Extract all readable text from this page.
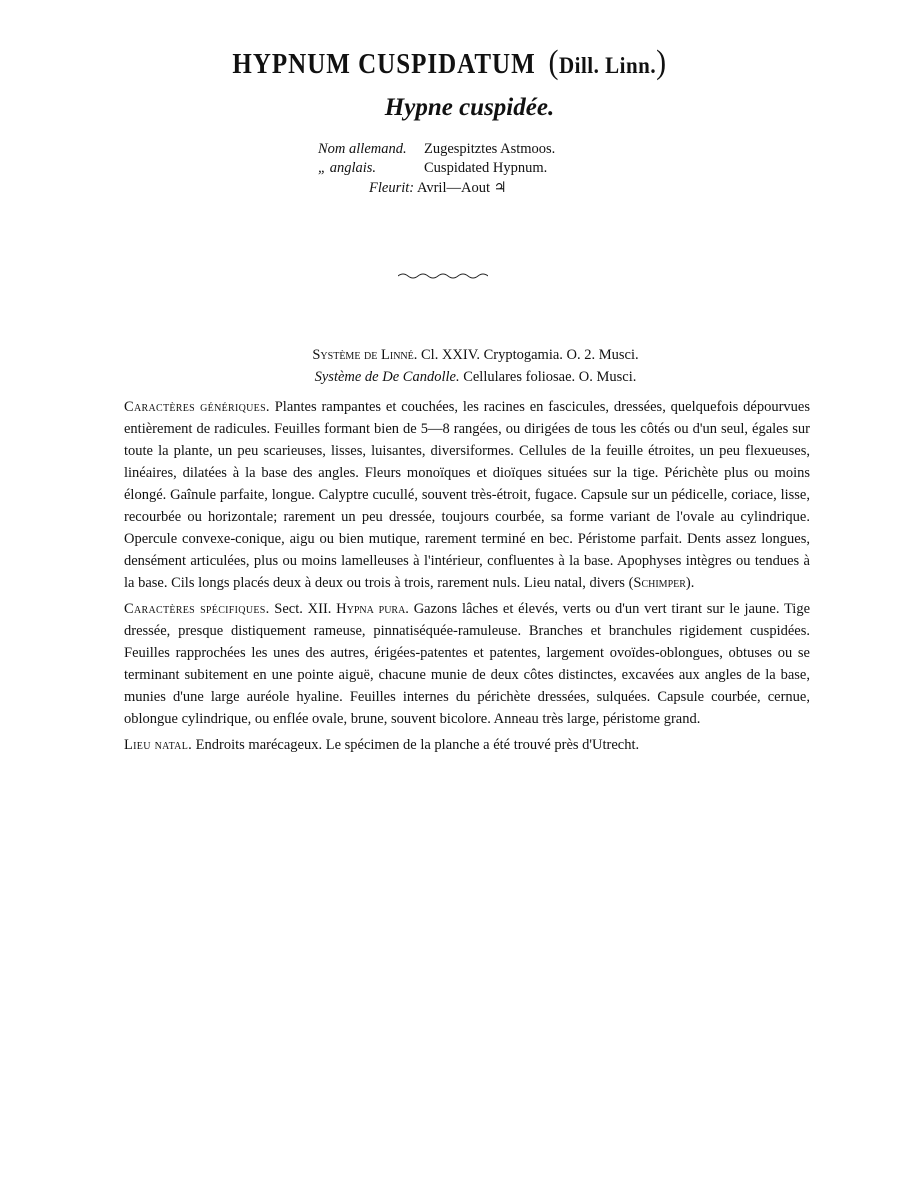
HYPNUM CUSPIDATUM (Dill. Linn.)
Hypne cuspidée.
Nom allemand. Zugespitztes Astmoos.
„ anglais.	Cuspidated Hypnum.
Fleurit: Avril—Aout ♃
Système de Linné. Cl. XXIV. Cryptogamia. O. 2. Musci.
Système de De Candolle. Cellulares foliosae. O. Musci.

Caractères génériques. Plantes rampantes et couchées, les racines en fascicules, dressées, quelquefois dépourvues entièrement de radicules. Feuilles formant bien de 5—8 rangées, ou dirigées de tous les côtés ou d'un seul, égales sur toute la plante, un peu scarieuses, lisses, luisantes, diversiformes. Cellules de la feuille étroites, un peu flexueuses, linéaires, dilatées à la base des angles. Fleurs monoïques et dioïques situées sur la tige. Périchète plus ou moins élongé. Gaînule parfaite, longue. Calyptre cucullé, souvent très-étroit, fugace. Capsule sur un pédicelle, coriace, lisse, recourbée ou horizontale; rarement un peu dressée, toujours courbée, sa forme variant de l'ovale au cylindrique. Opercule convexe-conique, aigu ou bien mutique, rarement terminé en bec. Péristome parfait. Dents assez longues, densément articulées, plus ou moins lamelleuses à l'intérieur, confluentes à la base. Apophyses intègres ou tendues à la base. Cils longs placés deux à deux ou trois à trois, rarement nuls. Lieu natal, divers (Schimper).

Caractères spécifiques. Sect. XII. Hypna pura. Gazons lâches et élevés, verts ou d'un vert tirant sur le jaune. Tige dressée, presque distiquement rameuse, pinnatiséquée-ramuleuse. Branches et branchules rigidement cuspidées. Feuilles rapprochées les unes des autres, érigées-patentes et patentes, largement ovoïdes-oblongues, obtuses ou se terminant subitement en une pointe aiguë, chacune munie de deux côtes distinctes, excavées aux angles de la base, munies d'une large auréole hyaline. Feuilles internes du périchète dressées, sulquées. Capsule courbée, cernue, oblongue cylindrique, ou enflée ovale, brune, souvent bicolore. Anneau très large, péristome grand.

Lieu natal. Endroits marécageux. Le spécimen de la planche a été trouvé près d'Utrecht.
